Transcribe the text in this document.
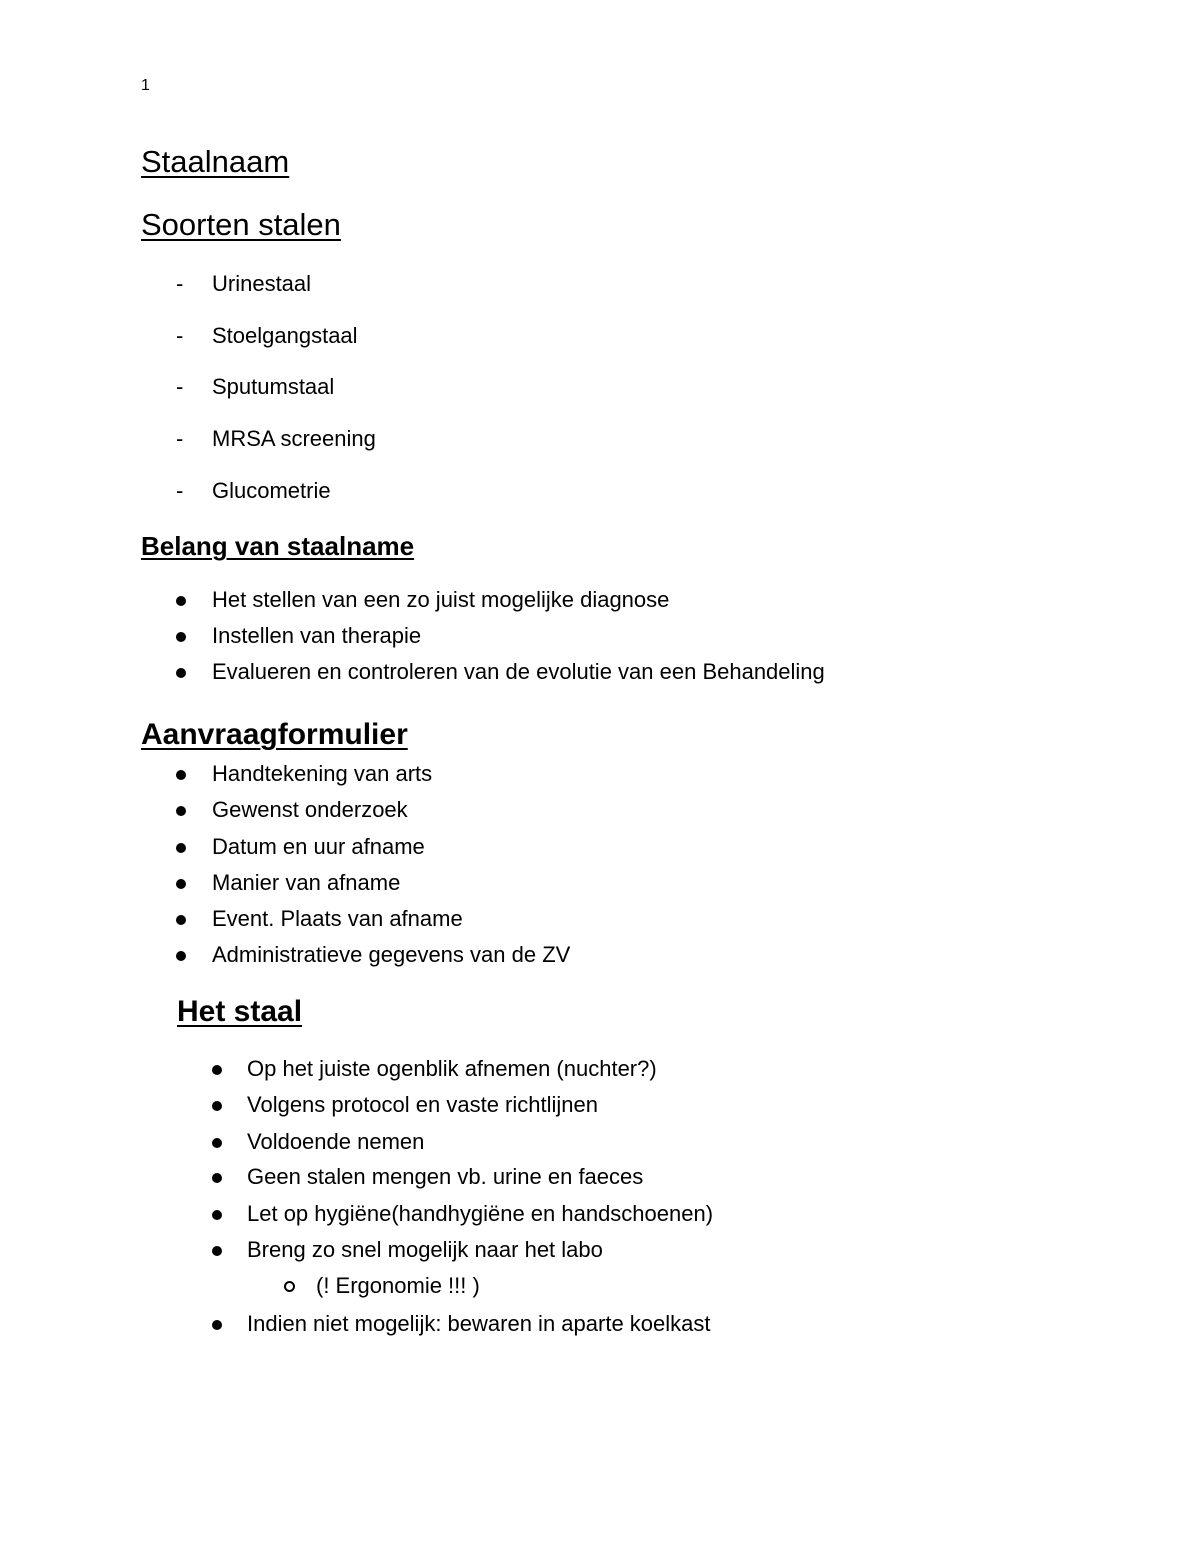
1
Staalnaam
Soorten stalen
- Urinestaal
- Stoelgangstaal
- Sputumstaal
- MRSA screening
- Glucometrie
Belang van staalname
Het stellen van een zo juist mogelijke diagnose
Instellen van therapie
Evalueren en controleren van de evolutie van een Behandeling
Aanvraagformulier
Handtekening van arts
Gewenst onderzoek
Datum en uur afname
Manier van afname
Event. Plaats van afname
Administratieve gegevens van de ZV
Het staal
Op het juiste ogenblik afnemen (nuchter?)
Volgens protocol en vaste richtlijnen
Voldoende nemen
Geen stalen mengen vb. urine en faeces
Let op hygiëne(handhygiëne en handschoenen)
Breng zo snel mogelijk naar het labo
(! Ergonomie !!! )
Indien niet mogelijk: bewaren in aparte koelkast
